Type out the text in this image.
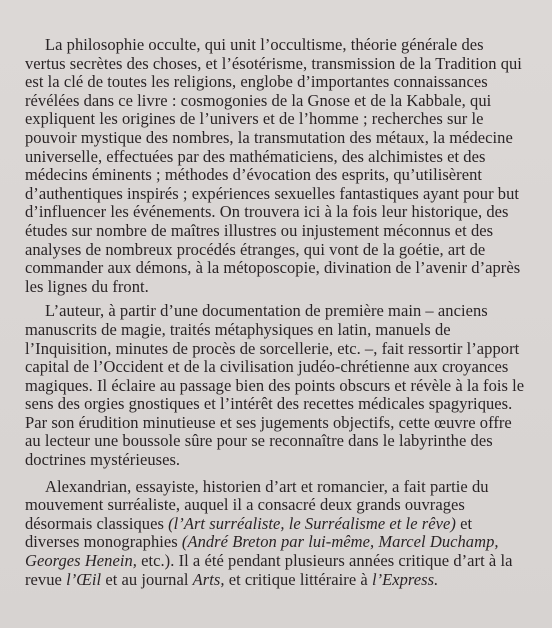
La philosophie occulte, qui unit l’occultisme, théorie générale des vertus secrètes des choses, et l’ésotérisme, transmission de la Tradition qui est la clé de toutes les religions, englobe d’importantes connaissances révélées dans ce livre : cosmogonies de la Gnose et de la Kabbale, qui expliquent les origines de l’univers et de l’homme ; recherches sur le pouvoir mystique des nombres, la transmutation des métaux, la médecine universelle, effectuées par des mathématiciens, des alchimistes et des médecins éminents ; méthodes d’évocation des esprits, qu’utilisèrent d’authentiques inspirés ; expériences sexuelles fantastiques ayant pour but d’influencer les événements. On trouvera ici à la fois leur historique, des études sur nombre de maîtres illustres ou injustement méconnus et des analyses de nombreux procédés étranges, qui vont de la goétie, art de commander aux démons, à la métoposcopie, divination de l’avenir d’après les lignes du front.

L’auteur, à partir d’une documentation de première main – anciens manuscrits de magie, traités métaphysiques en latin, manuels de l’Inquisition, minutes de procès de sorcellerie, etc. –, fait ressortir l’apport capital de l’Occident et de la civilisation judéo-chrétienne aux croyances magiques. Il éclaire au passage bien des points obscurs et révèle à la fois le sens des orgies gnostiques et l’intérêt des recettes médicales spagyriques. Par son érudition minutieuse et ses jugements objectifs, cette œuvre offre au lecteur une boussole sûre pour se reconnaître dans le labyrinthe des doctrines mystérieuses.

Alexandrian, essayiste, historien d’art et romancier, a fait partie du mouvement surréaliste, auquel il a consacré deux grands ouvrages désormais classiques (l’Art surréaliste, le Surréalisme et le rêve) et diverses monographies (André Breton par lui-même, Marcel Duchamp, Georges Henein, etc.). Il a été pendant plusieurs années critique d’art à la revue l’Œil et au journal Arts, et critique littéraire à l’Express.
